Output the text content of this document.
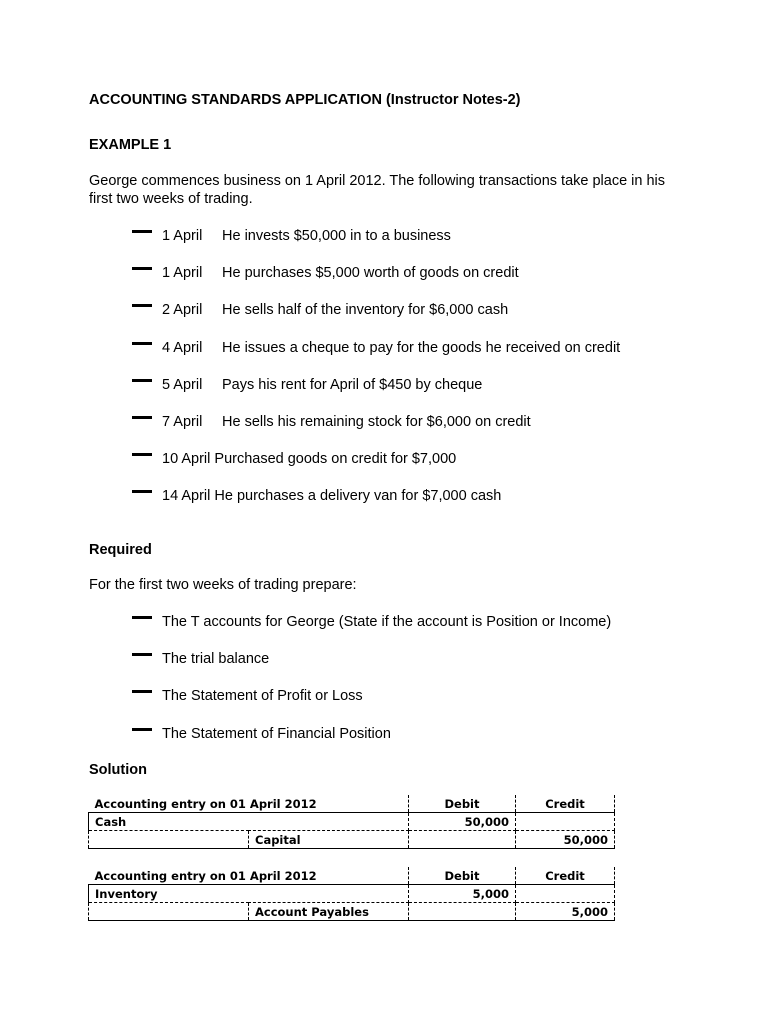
ACCOUNTING STANDARDS APPLICATION (Instructor Notes-2)
EXAMPLE 1
George commences business on 1 April 2012. The following transactions take place in his first two weeks of trading.
1 April He invests $50,000 in to a business
1 April He purchases $5,000 worth of goods on credit
2 April He sells half of the inventory for $6,000 cash
4 April He issues a cheque to pay for the goods he received on credit
5 April Pays his rent for April of $450 by cheque
7 April He sells his remaining stock for $6,000 on credit
10 April Purchased goods on credit for $7,000
14 April He purchases a delivery van for $7,000 cash
Required
For the first two weeks of trading prepare:
The T accounts for George (State if the account is Position or Income)
The trial balance
The Statement of Profit or Loss
The Statement of Financial Position
Solution
Accounting entry on 01 April 2012		Debit	Credit
Cash		50,000	
	Capital		50,000
Accounting entry on 01 April 2012		Debit	Credit
Inventory		5,000	
	Account Payables		5,000
